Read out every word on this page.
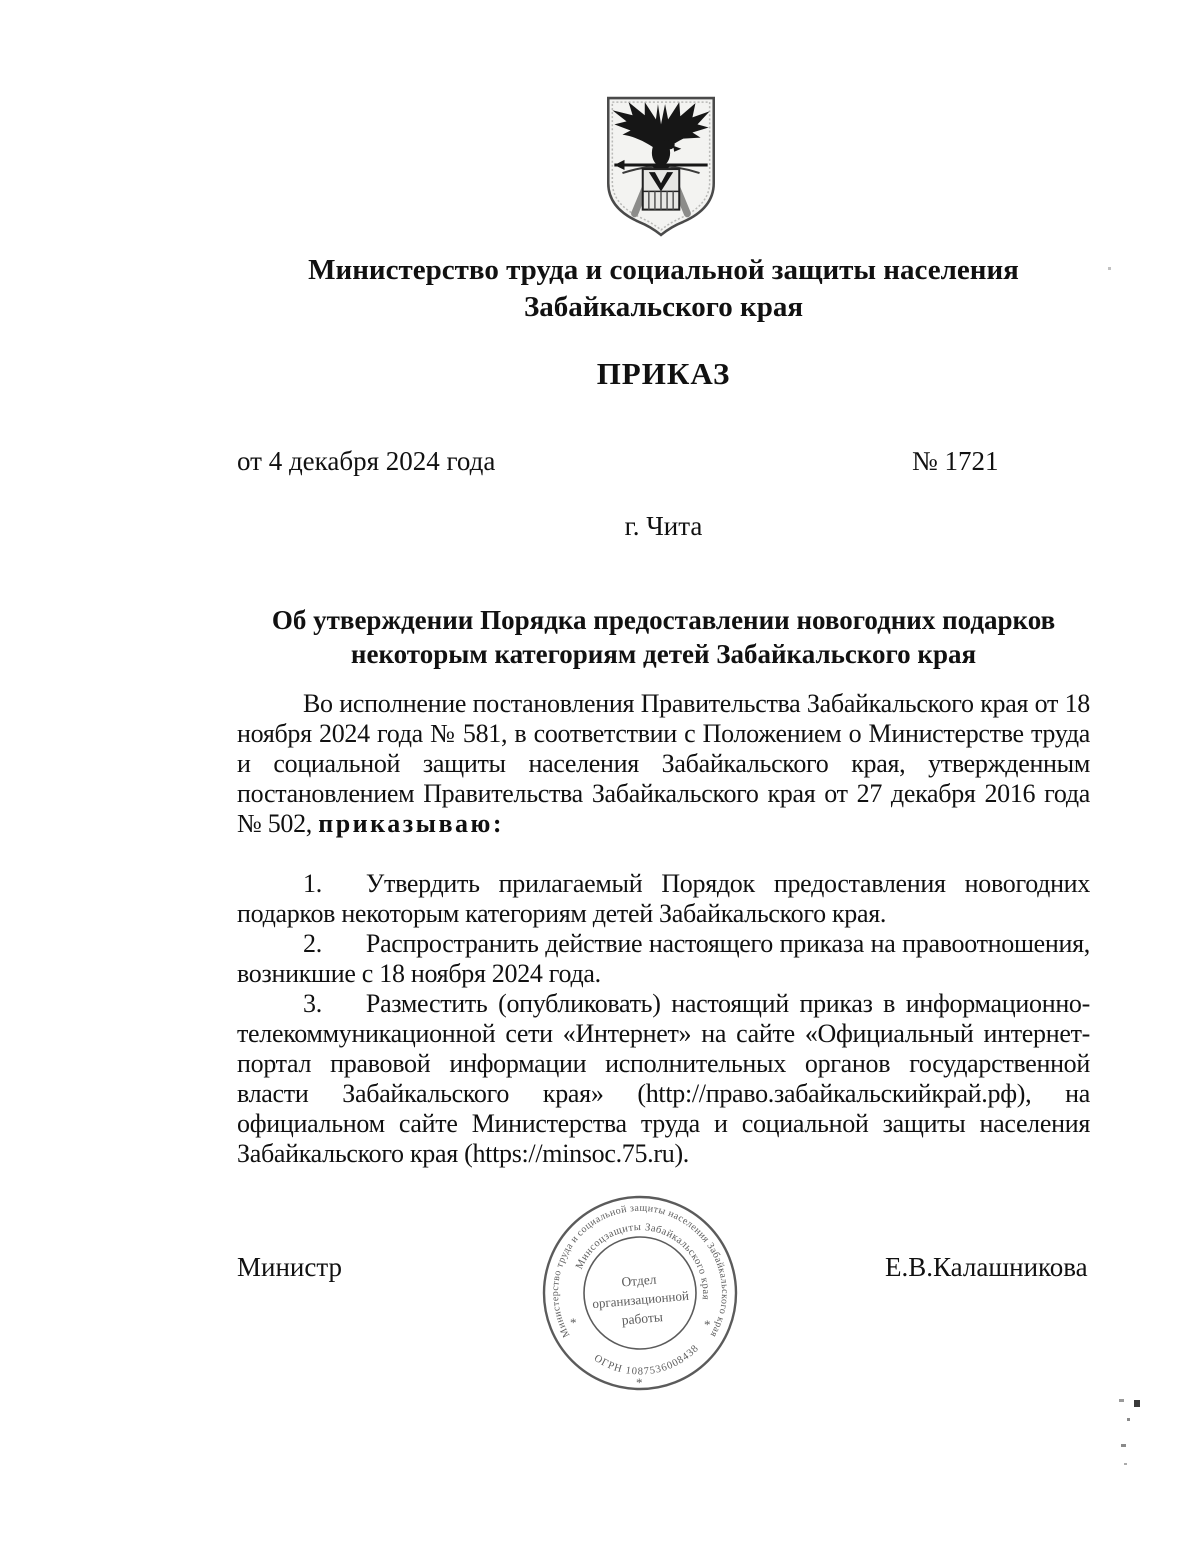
Министерство труда и социальной защиты населения
Забайкальского края
ПРИКАЗ
от 4 декабря 2024 года	№ 1721
г. Чита
Об утверждении Порядка предоставлении новогодних подарков
некоторым категориям детей Забайкальского края

Во исполнение постановления Правительства Забайкальского края от 18 ноября 2024 года № 581, в соответствии с Положением о Министерстве труда и социальной защиты населения Забайкальского края, утвержденным постановлением Правительства Забайкальского края от 27 декабря 2016 года № 502, приказываю:

1. Утвердить прилагаемый Порядок предоставления новогодних подарков некоторым категориям детей Забайкальского края.

2. Распространить действие настоящего приказа на правоотношения, возникшие с 18 ноября 2024 года.

3. Разместить (опубликовать) настоящий приказ в информационно-телекоммуникационной сети «Интернет» на сайте «Официальный интернет-портал правовой информации исполнительных органов государственной власти Забайкальского края» (http://право.забайкальскийкрай.рф), на официальном сайте Министерства труда и социальной защиты населения Забайкальского края (https://minsoc.75.ru).

Министр	Е.В.Калашникова
Министерство труда и социальной защиты населения Забайкальского края
Минсоцзащиты Забайкальского края
ОГРН 1087536008438
Отдел
организационной
работы
*	*
*
